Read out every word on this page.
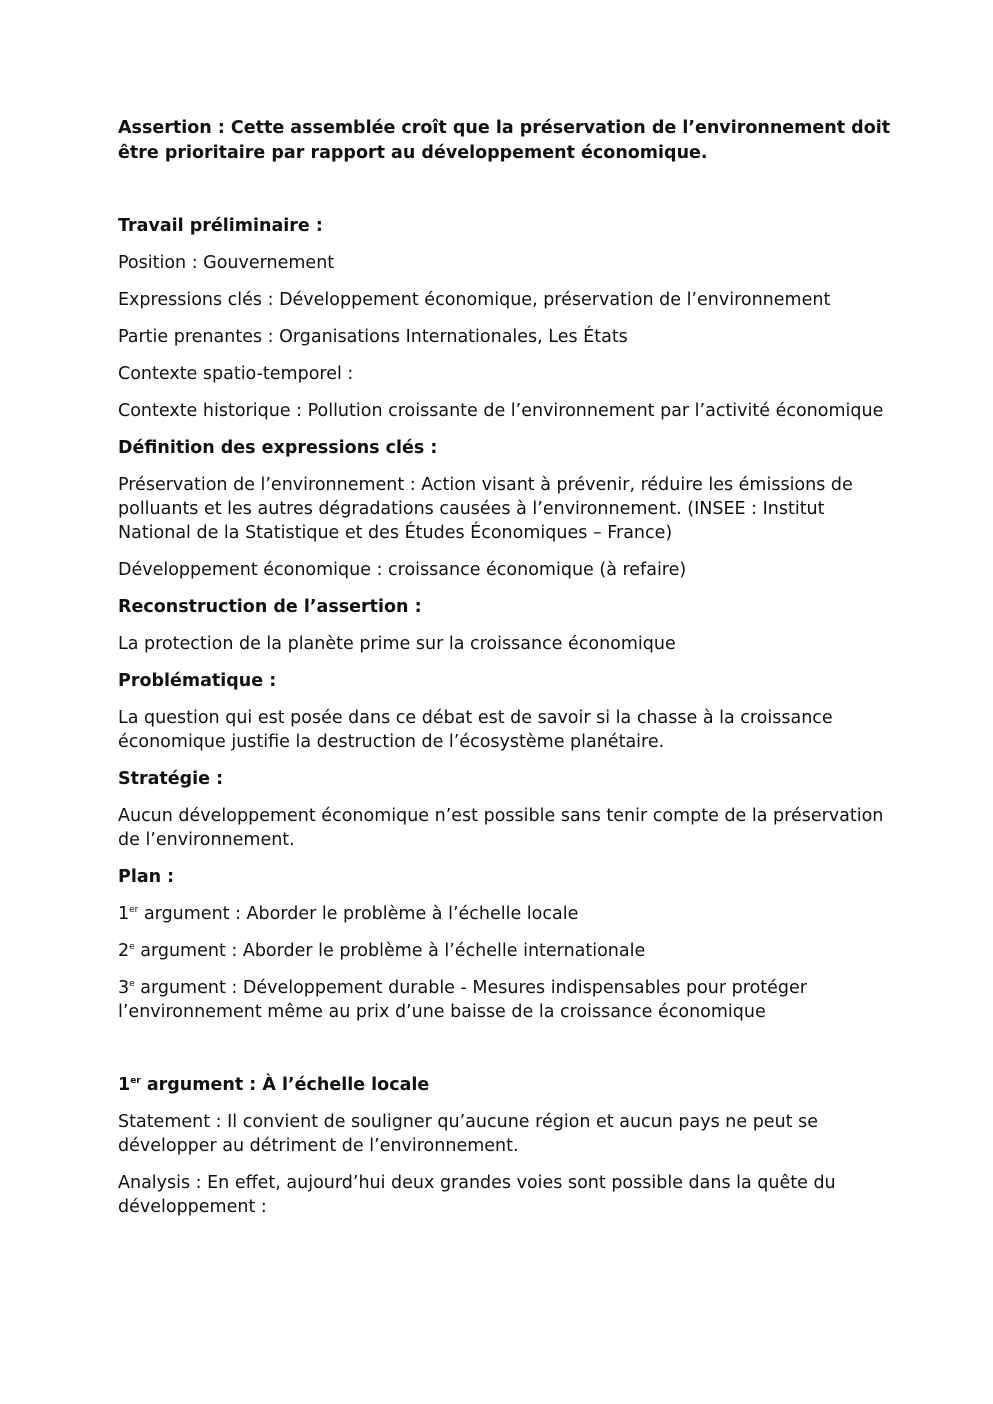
Assertion : Cette assemblée croît que la préservation de l’environnement doit être prioritaire par rapport au développement économique.

Travail préliminaire :

Position : Gouvernement

Expressions clés : Développement économique, préservation de l’environnement

Partie prenantes : Organisations Internationales, Les États

Contexte spatio-temporel :

Contexte historique : Pollution croissante de l’environnement par l’activité économique

Définition des expressions clés :

Préservation de l’environnement : Action visant à prévenir, réduire les émissions de polluants et les autres dégradations causées à l’environnement. (INSEE : Institut National de la Statistique et des Études Économiques – France)

Développement économique : croissance économique (à refaire)

Reconstruction de l’assertion :

La protection de la planète prime sur la croissance économique

Problématique :

La question qui est posée dans ce débat est de savoir si la chasse à la croissance économique justifie la destruction de l’écosystème planétaire.

Stratégie :

Aucun développement économique n’est possible sans tenir compte de la préservation de l’environnement.

Plan :

1er argument : Aborder le problème à l’échelle locale

2e argument : Aborder le problème à l’échelle internationale

3e argument : Développement durable - Mesures indispensables pour protéger l’environnement même au prix d’une baisse de la croissance économique

1er argument : À l’échelle locale

Statement : Il convient de souligner qu’aucune région et aucun pays ne peut se développer au détriment de l’environnement.

Analysis : En effet, aujourd’hui deux grandes voies sont possible dans la quête du développement :
